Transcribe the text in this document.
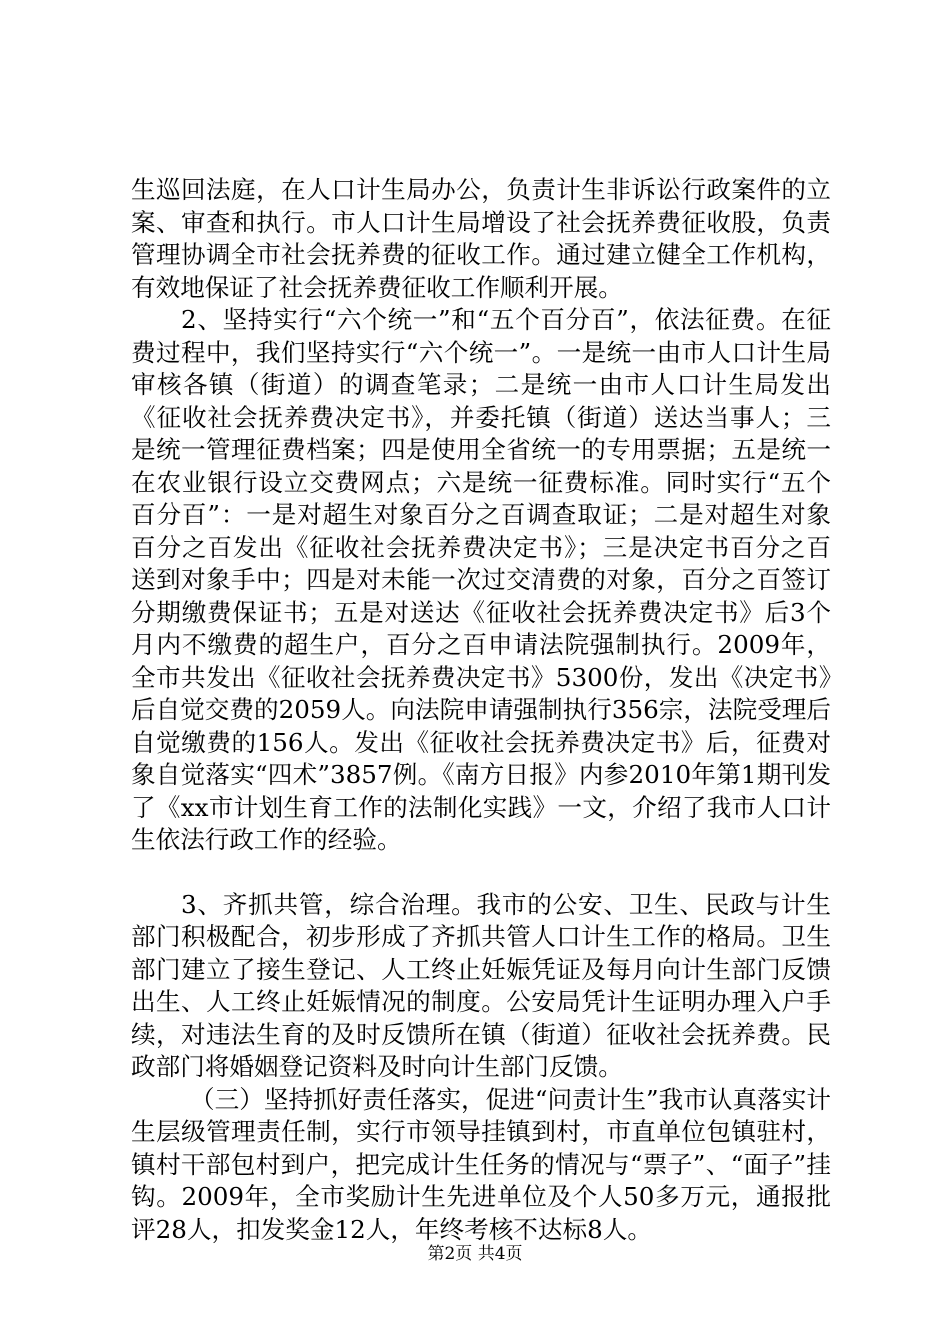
生巡回法庭，在人口计生局办公，负责计生非诉讼行政案件的立案、审查和执行。市人口计生局增设了社会抚养费征收股，负责管理协调全市社会抚养费的征收工作。通过建立健全工作机构，有效地保证了社会抚养费征收工作顺利开展。

2、坚持实行“六个统一”和“五个百分百”，依法征费。在征费过程中，我们坚持实行“六个统一”。一是统一由市人口计生局审核各镇（街道）的调查笔录；二是统一由市人口计生局发出《征收社会抚养费决定书》，并委托镇（街道）送达当事人；三是统一管理征费档案；四是使用全省统一的专用票据；五是统一在农业银行设立交费网点；六是统一征费标准。同时实行“五个百分百”：一是对超生对象百分之百调查取证；二是对超生对象百分之百发出《征收社会抚养费决定书》；三是决定书百分之百送到对象手中；四是对未能一次过交清费的对象，百分之百签订分期缴费保证书；五是对送达《征收社会抚养费决定书》后3个月内不缴费的超生户，百分之百申请法院强制执行。2009年，全市共发出《征收社会抚养费决定书》5300份，发出《决定书》后自觉交费的2059人。向法院申请强制执行356宗，法院受理后自觉缴费的156人。发出《征收社会抚养费决定书》后，征费对象自觉落实“四术”3857例。《南方日报》内参2010年第1期刊发了《xx市计划生育工作的法制化实践》一文，介绍了我市人口计生依法行政工作的经验。

3、齐抓共管，综合治理。我市的公安、卫生、民政与计生部门积极配合，初步形成了齐抓共管人口计生工作的格局。卫生部门建立了接生登记、人工终止妊娠凭证及每月向计生部门反馈出生、人工终止妊娠情况的制度。公安局凭计生证明办理入户手续，对违法生育的及时反馈所在镇（街道）征收社会抚养费。民政部门将婚姻登记资料及时向计生部门反馈。

（三）坚持抓好责任落实，促进“问责计生”我市认真落实计生层级管理责任制，实行市领导挂镇到村，市直单位包镇驻村，镇村干部包村到户，把完成计生任务的情况与“票子”、“面子”挂钩。2009年，全市奖励计生先进单位及个人50多万元，通报批评28人，扣发奖金12人，年终考核不达标8人。

第2页 共4页
